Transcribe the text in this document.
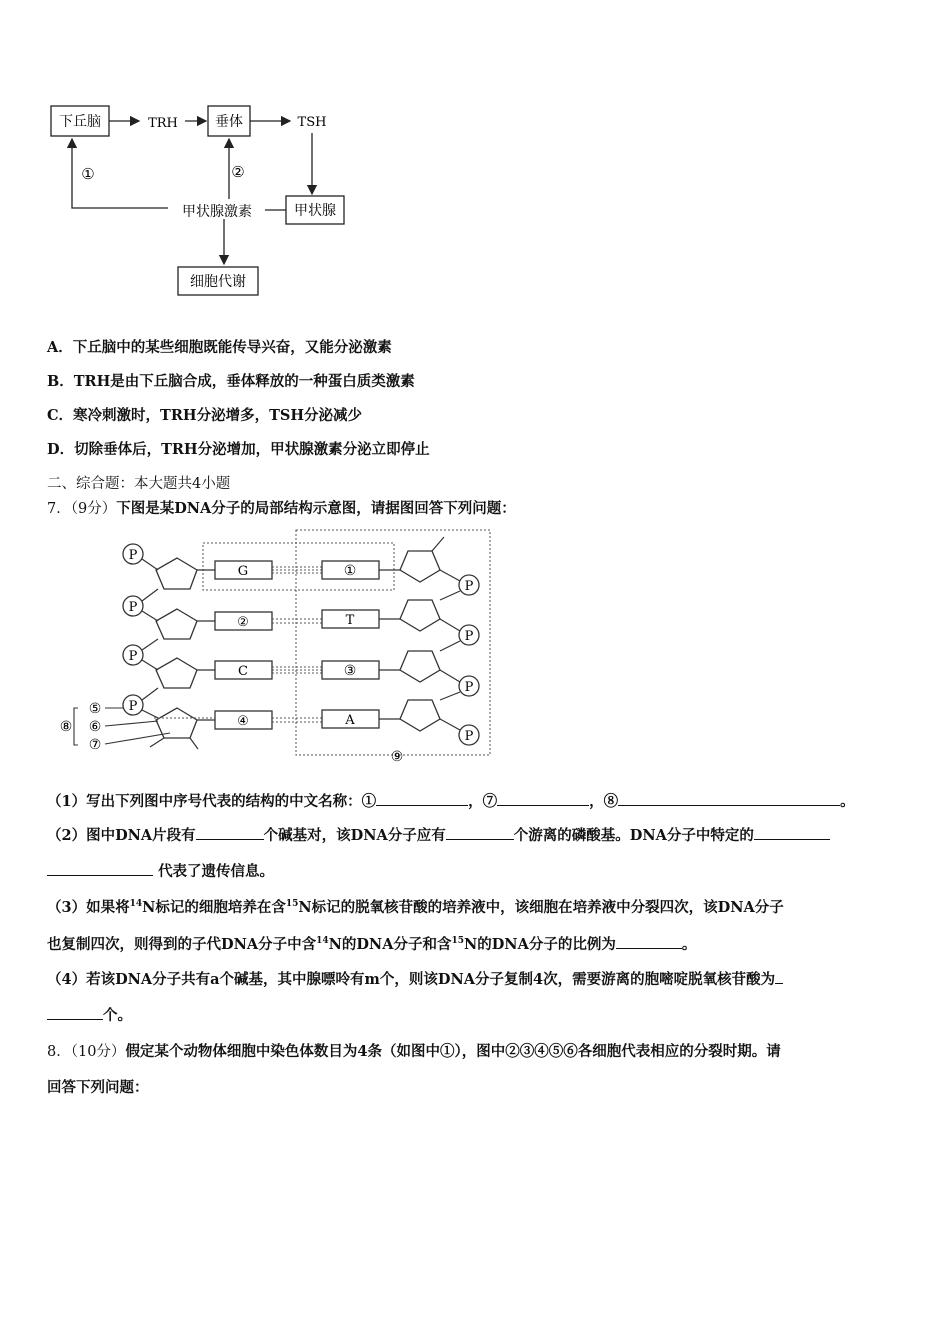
下丘脑	垂体
甲状腺
细胞代谢
TRH	TSH
甲状腺激素
①	②
A．下丘脑中的某些细胞既能传导兴奋，又能分泌激素
B．TRH是由下丘脑合成，垂体释放的一种蛋白质类激素
C．寒冷刺激时，TRH分泌增多，TSH分泌减少
D．切除垂体后，TRH分泌增加，甲状腺激素分泌立即停止
二、综合题：本大题共4小题
7．（9分）下图是某DNA分子的局部结构示意图，请据图回答下列问题：
⑨
P
P
P
P
G
②
C
④
①
T
③
A
P
P
P
P
⑤
⑥
⑦
⑧
（1）写出下列图中序号代表的结构的中文名称：①	，⑦	，⑧	。
（2）图中DNA片段有	个碱基对，该DNA分子应有	个游离的磷酸基。DNA分子中特定的
代表了遗传信息。
（3）如果将$^{14}$N标记的细胞培养在含$^{15}$N标记的脱氧核苷酸的培养液中，该细胞在培养液中分裂四次，该DNA分子
也复制四次，则得到的子代DNA分子中含$^{14}$N的DNA分子和含$^{15}$N的DNA分子的比例为	。
（4）若该DNA分子共有a个碱基，其中腺嘌呤有m个，则该DNA分子复制4次，需要游离的胞嘧啶脱氧核苷酸为
个。
8．（10分）假定某个动物体细胞中染色体数目为4条（如图中①），图中②③④⑤⑥各细胞代表相应的分裂时期。请
回答下列问题：
